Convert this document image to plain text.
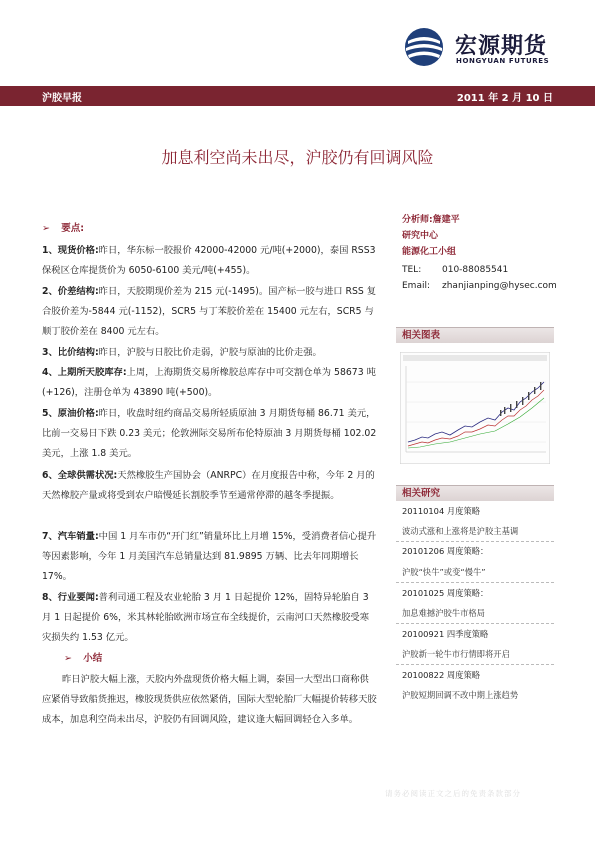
宏源期货
HONGYUAN FUTURES
沪胶早报	2011 年 2 月 10 日
加息利空尚未出尽，沪胶仍有回调风险
➢ 要点:
1、现货价格:昨日，华东标一胶报价 42000-42000 元/吨(+2000)，泰国 RSS3 保税区仓库提货价为 6050-6100 美元/吨(+455)。
2、价差结构:昨日，天胶期现价差为 215 元(-1495)。国产标一胶与进口 RSS 复合胶价差为-5844 元(-1152)，SCR5 与丁苯胶价差在 15400 元左右，SCR5 与顺丁胶价差在 8400 元左右。
3、比价结构:昨日，沪胶与日胶比价走弱，沪胶与原油的比价走强。
4、上期所天胶库存:上周，上海期货交易所橡胶总库存中可交割仓单为 58673 吨(+126)，注册仓单为 43890 吨(+500)。
5、原油价格:昨日，收盘时纽约商品交易所轻质原油 3 月期货每桶 86.71 美元，比前一交易日下跌 0.23 美元；伦敦洲际交易所布伦特原油 3 月期货每桶 102.02 美元，上涨 1.8 美元。
6、全球供需状况:天然橡胶生产国协会（ANRPC）在月度报告中称，今年 2 月的天然橡胶产量或将受到农户暗慢延长割胶季节至通常停滞的越冬季提振。
7、汽车销量:中国 1 月车市仍“开门红”销量环比上月增 15%，受消费者信心提升等因素影响，今年 1 月美国汽车总销量达到 81.9895 万辆、比去年同期增长 17%。
8、行业要闻:普利司通工程及农业轮胎 3 月 1 日起提价 12%，固特异轮胎自 3 月 1 日起提价 6%，米其林轮胎欧洲市场宣布全线提价，云南河口天然橡胶受寒灾损失约 1.53 亿元。
➢ 小结
昨日沪胶大幅上涨，天胶内外盘现货价格大幅上调，泰国一大型出口商称供应紧俏导致船货推迟，橡胶现货供应依然紧俏，国际大型轮胎厂大幅提价转移天胶成本，加息利空尚未出尽，沪胶仍有回调风险，建议逢大幅回调轻仓入多单。
分析师:詹建平
研究中心
能源化工小组
TEL: 010-88085541
Email: zhanjianping@hysec.com
相关图表
相关研究
20110104 月度策略
波动式涨和上涨将是沪胶主基调
20101206 周度策略：
沪胶“快牛”或变“慢牛”
20101025 周度策略：
加息难撼沪胶牛市格局
20100921 四季度策略
沪胶新一轮牛市行情即将开启
20100822 周度策略
沪胶短期回调不改中期上涨趋势
请务必阅读正文之后的免责条款部分
